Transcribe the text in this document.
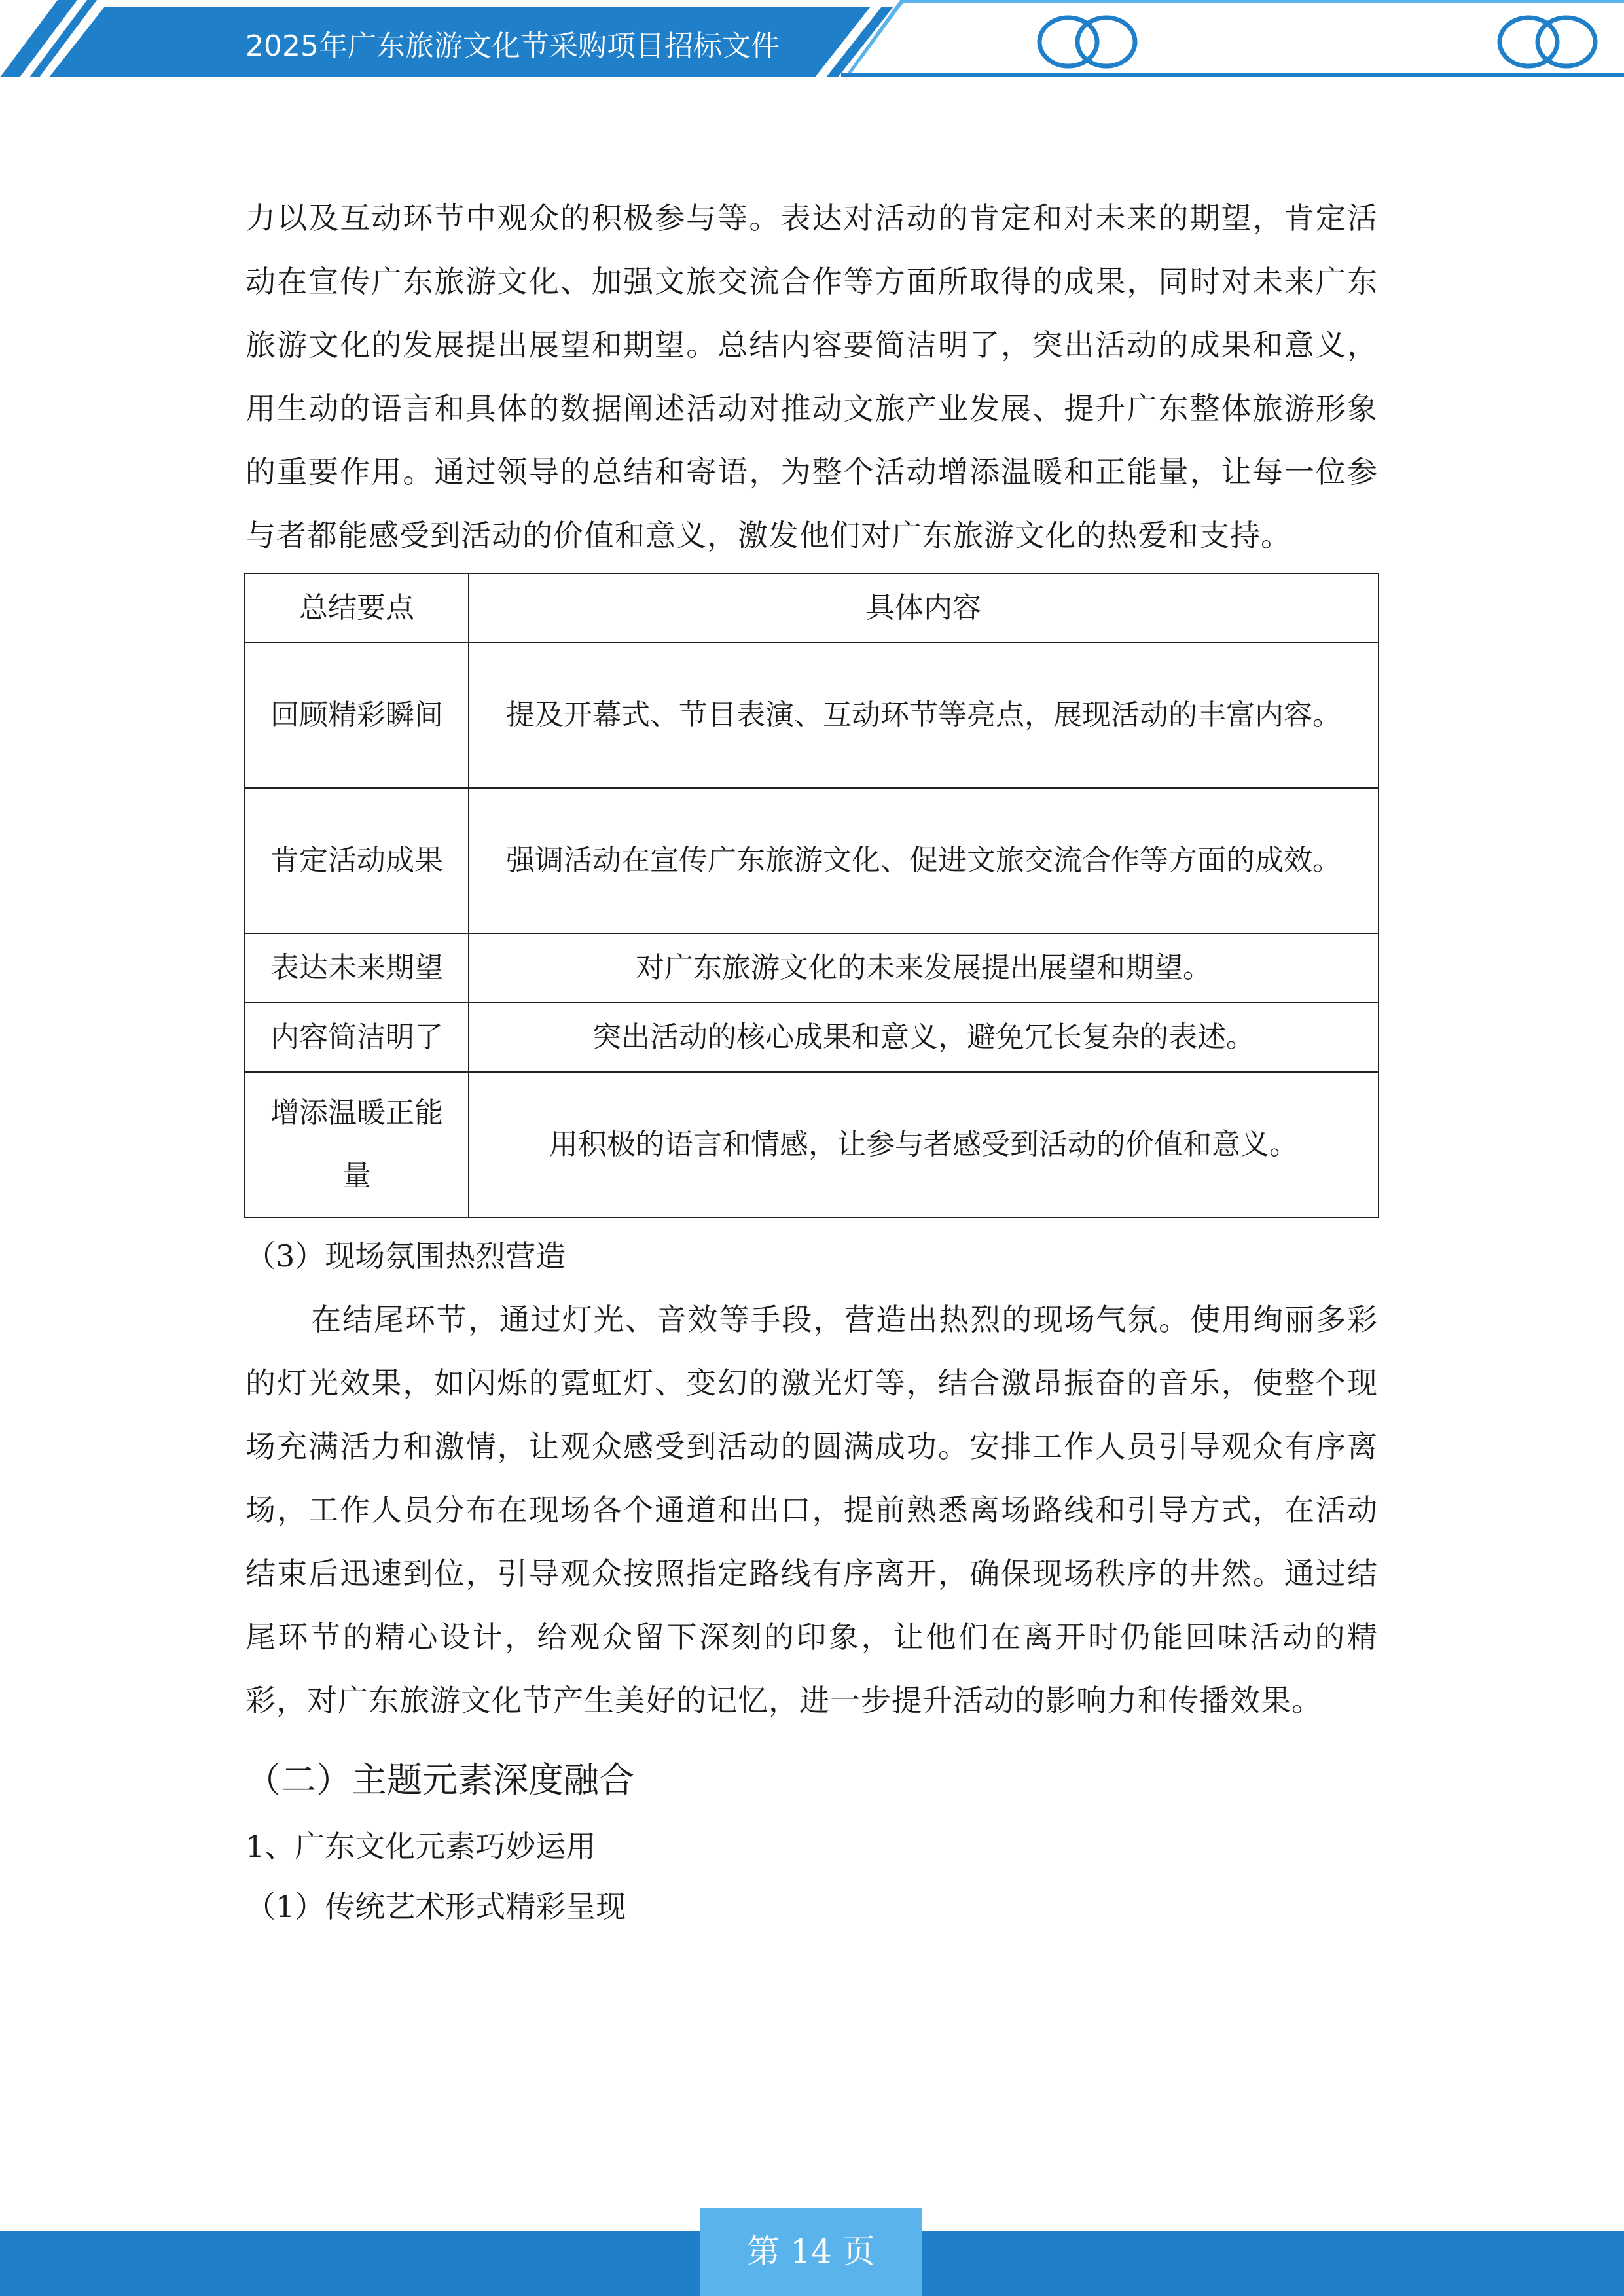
2025年广东旅游文化节采购项目招标文件

力以及互动环节中观众的积极参与等。表达对活动的肯定和对未来的期望，肯定活动在宣传广东旅游文化、加强文旅交流合作等方面所取得的成果，同时对未来广东旅游文化的发展提出展望和期望。总结内容要简洁明了，突出活动的成果和意义，用生动的语言和具体的数据阐述活动对推动文旅产业发展、提升广东整体旅游形象的重要作用。通过领导的总结和寄语，为整个活动增添温暖和正能量，让每一位参与者都能感受到活动的价值和意义，激发他们对广东旅游文化的热爱和支持。

总结要点	具体内容
回顾精彩瞬间	提及开幕式、节目表演、互动环节等亮点，展现活动的丰富内容。
肯定活动成果	强调活动在宣传广东旅游文化、促进文旅交流合作等方面的成效。
表达未来期望	对广东旅游文化的未来发展提出展望和期望。
内容简洁明了	突出活动的核心成果和意义，避免冗长复杂的表述。
增添温暖正能量	用积极的语言和情感，让参与者感受到活动的价值和意义。

（3）现场氛围热烈营造

在结尾环节，通过灯光、音效等手段，营造出热烈的现场气氛。使用绚丽多彩的灯光效果，如闪烁的霓虹灯、变幻的激光灯等，结合激昂振奋的音乐，使整个现场充满活力和激情，让观众感受到活动的圆满成功。安排工作人员引导观众有序离场，工作人员分布在现场各个通道和出口，提前熟悉离场路线和引导方式，在活动结束后迅速到位，引导观众按照指定路线有序离开，确保现场秩序的井然。通过结尾环节的精心设计，给观众留下深刻的印象，让他们在离开时仍能回味活动的精彩，对广东旅游文化节产生美好的记忆，进一步提升活动的影响力和传播效果。

（二）主题元素深度融合

1、广东文化元素巧妙运用

（1）传统艺术形式精彩呈现

第 14 页
